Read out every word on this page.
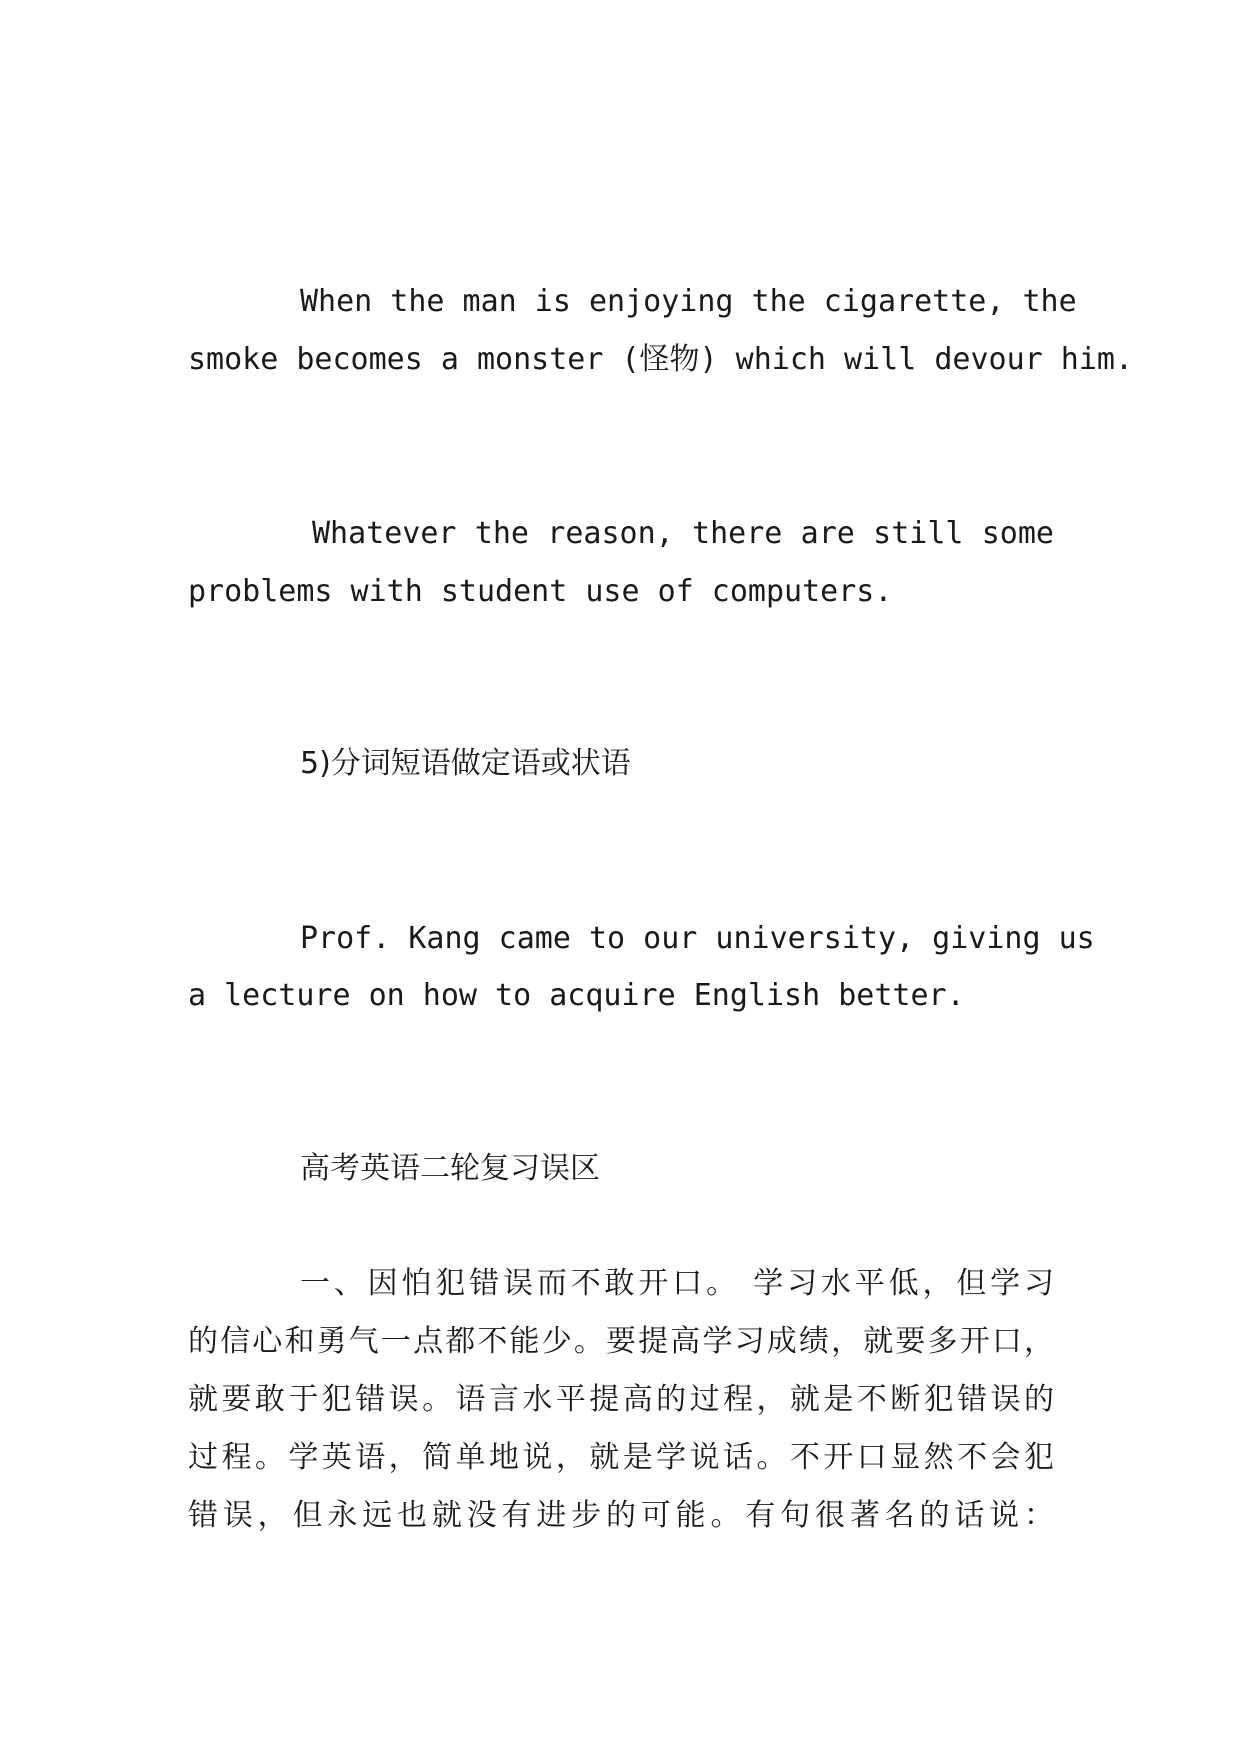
When the man is enjoying the cigarette, the
smoke becomes a monster (怪物) which will devour him.
Whatever the reason, there are still some
problems with student use of computers.
5)分词短语做定语或状语
Prof. Kang came to our university, giving us
a lecture on how to acquire English better.
高考英语二轮复习误区
一、因怕犯错误而不敢开口。 学习水平低，但学习
的信心和勇气一点都不能少。要提高学习成绩，就要多开口，
就要敢于犯错误。语言水平提高的过程，就是不断犯错误的
过程。学英语，简单地说，就是学说话。不开口显然不会犯
错误，但永远也就没有进步的可能。有句很著名的话说：
